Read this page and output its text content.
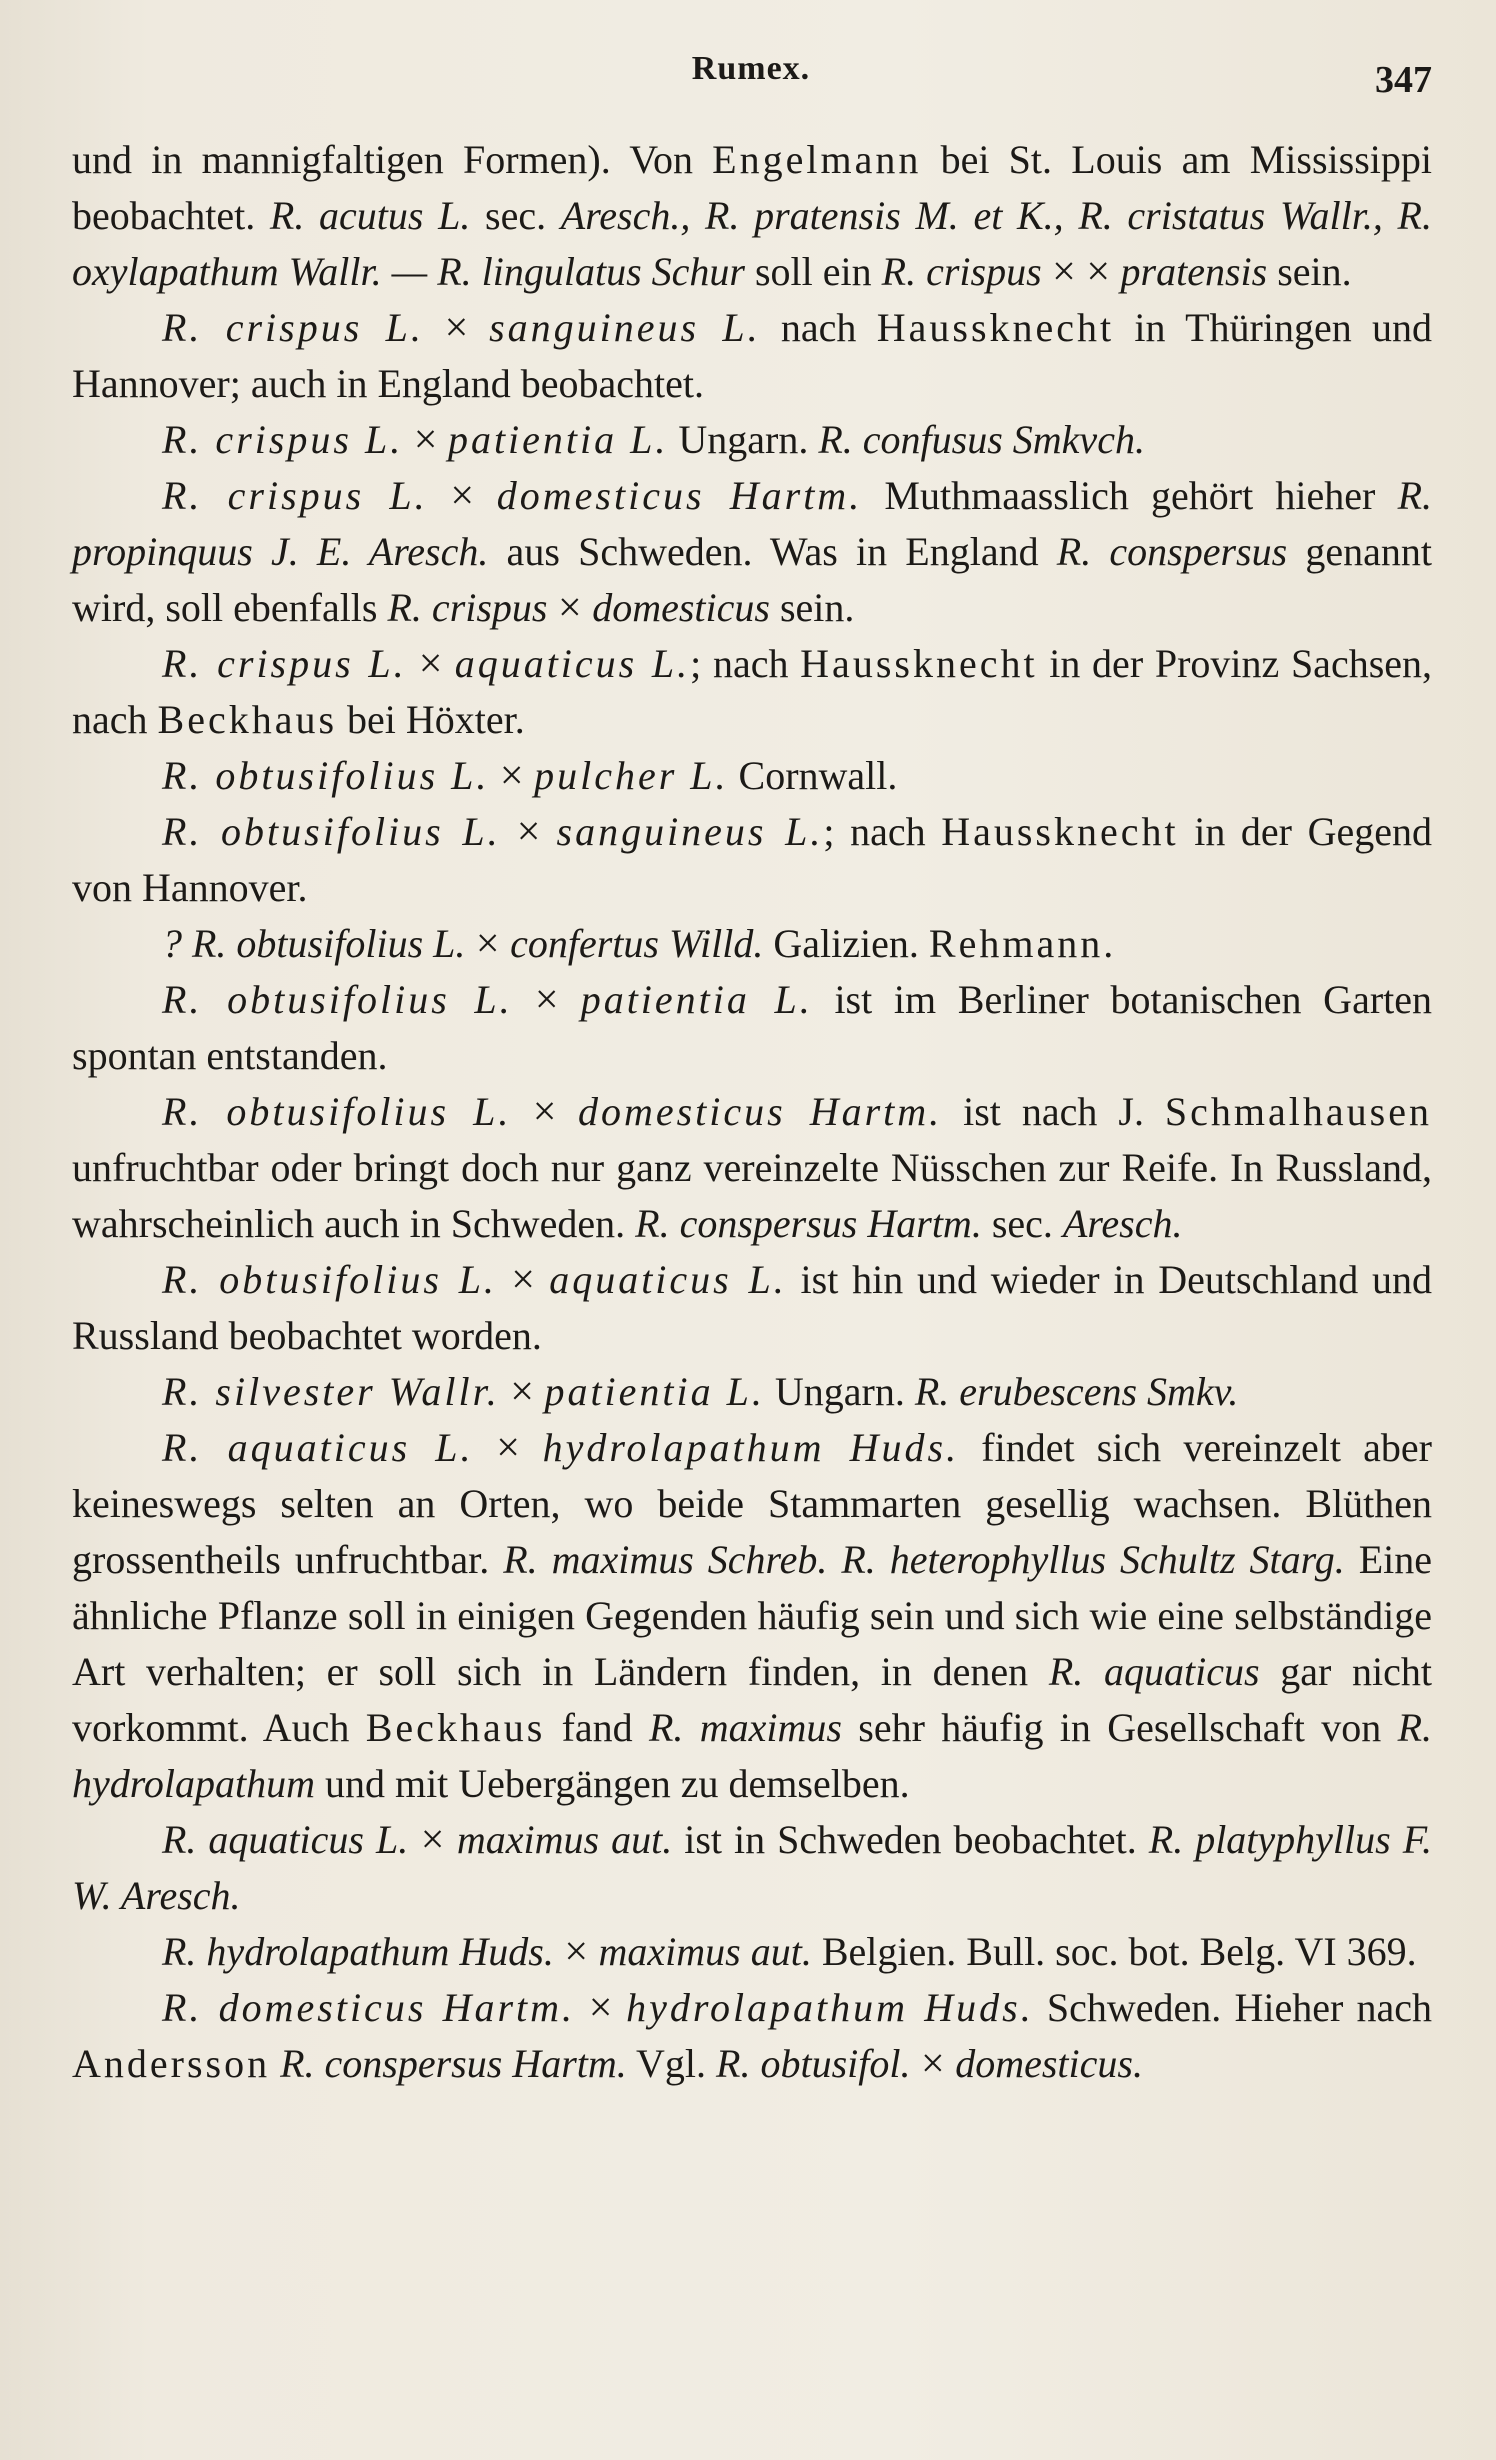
Rumex.	347

und in mannigfaltigen Formen). Von Engelmann bei St. Louis am Mississippi beobachtet. R. acutus L. sec. Aresch., R. pratensis M. et K., R. cristatus Wallr., R. oxylapathum Wallr. — R. lingulatus Schur soll ein R. crispus × × pratensis sein.

R. crispus L. × sanguineus L. nach Haussknecht in Thüringen und Hannover; auch in England beobachtet.

R. crispus L. × patientia L. Ungarn. R. confusus Smkvch.

R. crispus L. × domesticus Hartm. Muthmaasslich gehört hieher R. propinquus J. E. Aresch. aus Schweden. Was in England R. conspersus genannt wird, soll ebenfalls R. crispus × domesticus sein.

R. crispus L. × aquaticus L.; nach Haussknecht in der Provinz Sachsen, nach Beckhaus bei Höxter.

R. obtusifolius L. × pulcher L. Cornwall.

R. obtusifolius L. × sanguineus L.; nach Haussknecht in der Gegend von Hannover.

? R. obtusifolius L. × confertus Willd. Galizien. Rehmann.

R. obtusifolius L. × patientia L. ist im Berliner botanischen Garten spontan entstanden.

R. obtusifolius L. × domesticus Hartm. ist nach J. Schmalhausen unfruchtbar oder bringt doch nur ganz vereinzelte Nüsschen zur Reife. In Russland, wahrscheinlich auch in Schweden. R. conspersus Hartm. sec. Aresch.

R. obtusifolius L. × aquaticus L. ist hin und wieder in Deutschland und Russland beobachtet worden.

R. silvester Wallr. × patientia L. Ungarn. R. erubescens Smkv.

R. aquaticus L. × hydrolapathum Huds. findet sich vereinzelt aber keineswegs selten an Orten, wo beide Stammarten gesellig wachsen. Blüthen grossentheils unfruchtbar. R. maximus Schreb. R. heterophyllus Schultz Starg. Eine ähnliche Pflanze soll in einigen Gegenden häufig sein und sich wie eine selbständige Art verhalten; er soll sich in Ländern finden, in denen R. aquaticus gar nicht vorkommt. Auch Beckhaus fand R. maximus sehr häufig in Gesellschaft von R. hydrolapathum und mit Uebergängen zu demselben.

R. aquaticus L. × maximus aut. ist in Schweden beobachtet. R. platyphyllus F. W. Aresch.

R. hydrolapathum Huds. × maximus aut. Belgien. Bull. soc. bot. Belg. VI 369.

R. domesticus Hartm. × hydrolapathum Huds. Schweden. Hieher nach Andersson R. conspersus Hartm. Vgl. R. obtusifol. × domesticus.
